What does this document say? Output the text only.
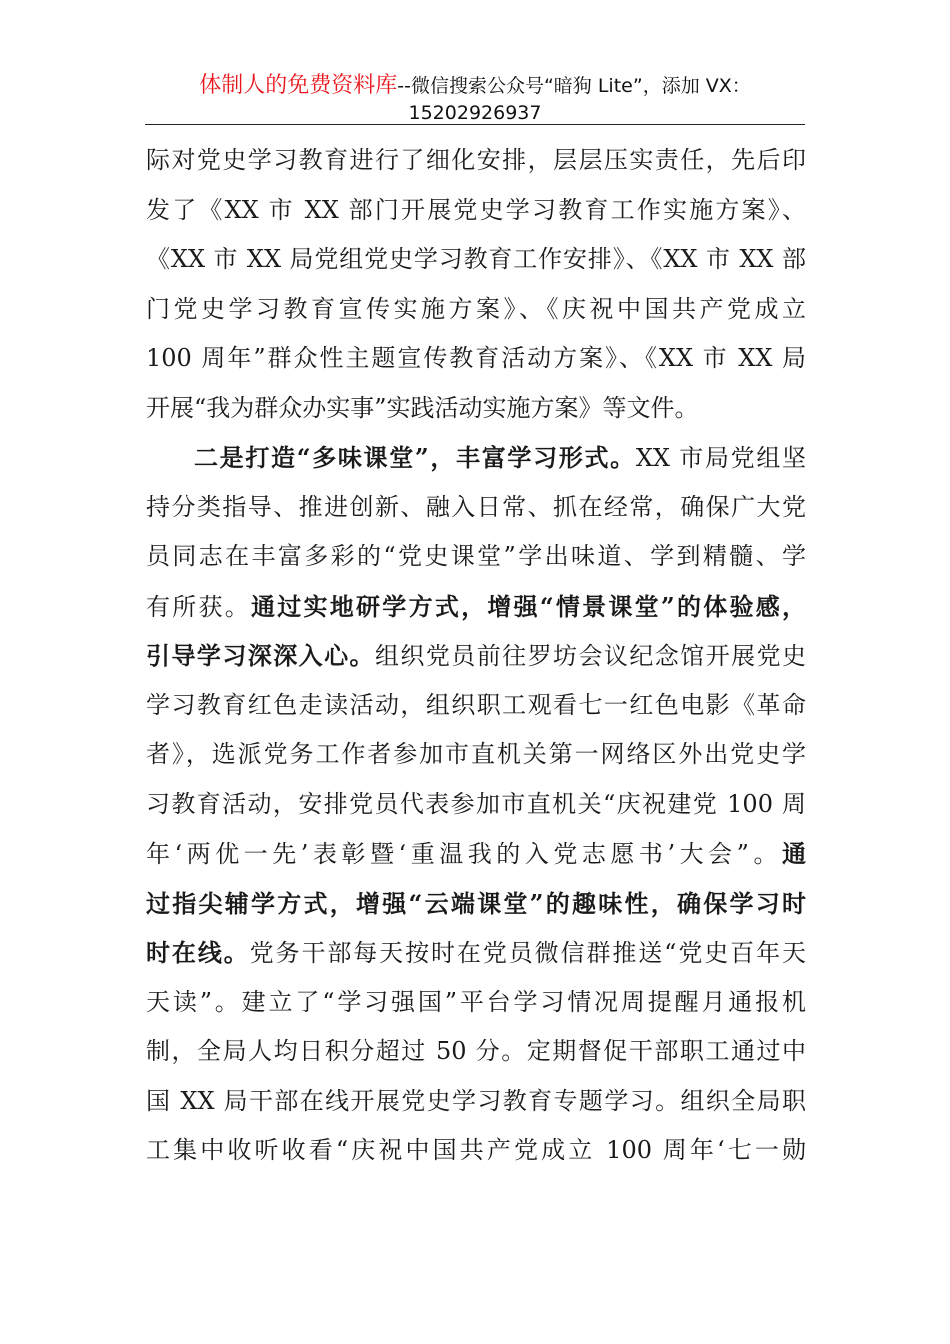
体制人的免费资料库--微信搜索公众号“暗狗 Lite”，添加 VX：
15202926937
际对党史学习教育进行了细化安排，层层压实责任，先后印
发了《XX 市 XX 部门开展党史学习教育工作实施方案》、
《XX 市 XX 局党组党史学习教育工作安排》、《XX 市 XX 部
门党史学习教育宣传实施方案》、《庆祝中国共产党成立
100 周年”群众性主题宣传教育活动方案》、《XX 市 XX 局
开展“我为群众办实事”实践活动实施方案》等文件。
二是打造“多味课堂”，丰富学习形式。XX 市局党组坚
持分类指导、推进创新、融入日常、抓在经常，确保广大党
员同志在丰富多彩的“党史课堂”学出味道、学到精髓、学
有所获。通过实地研学方式，增强“情景课堂”的体验感，
引导学习深深入心。组织党员前往罗坊会议纪念馆开展党史
学习教育红色走读活动，组织职工观看七一红色电影《革命
者》，选派党务工作者参加市直机关第一网络区外出党史学
习教育活动，安排党员代表参加市直机关“庆祝建党 100 周
年‘两优一先’表彰暨‘重温我的入党志愿书’大会”。通
过指尖辅学方式，增强“云端课堂”的趣味性，确保学习时
时在线。党务干部每天按时在党员微信群推送“党史百年天
天读”。建立了“学习强国”平台学习情况周提醒月通报机
制，全局人均日积分超过 50 分。定期督促干部职工通过中
国 XX 局干部在线开展党史学习教育专题学习。组织全局职
工集中收听收看“庆祝中国共产党成立 100 周年‘七一勋
